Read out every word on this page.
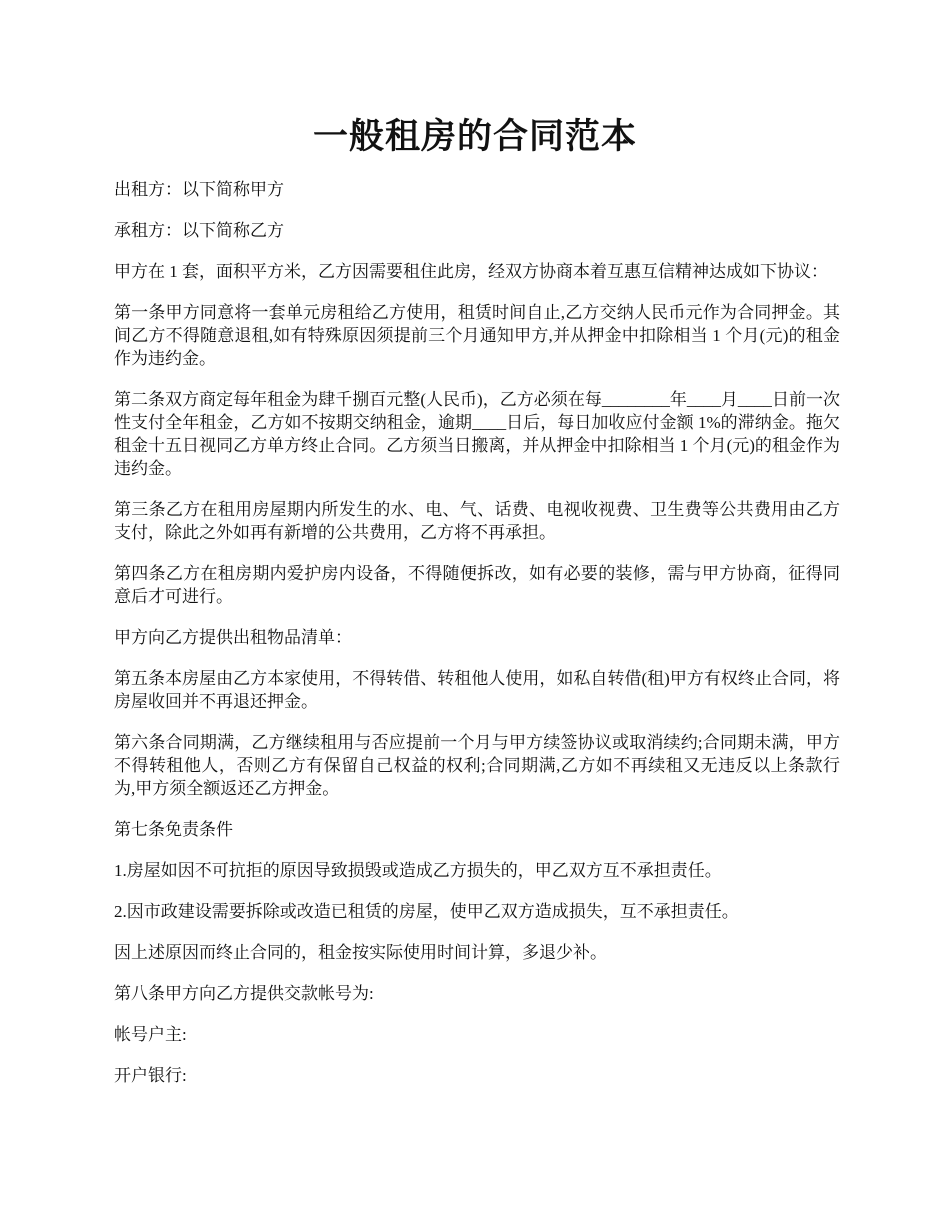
一般租房的合同范本

出租方：以下简称甲方

承租方：以下简称乙方

甲方在 1 套，面积平方米，乙方因需要租住此房，经双方协商本着互惠互信精神达成如下协议：

第一条甲方同意将一套单元房租给乙方使用，租赁时间自止,乙方交纳人民币元作为合同押金。其间乙方不得随意退租,如有特殊原因须提前三个月通知甲方,并从押金中扣除相当 1 个月(元)的租金作为违约金。

第二条双方商定每年租金为肆千捌百元整(人民币)，乙方必须在每________年____月____日前一次性支付全年租金，乙方如不按期交纳租金，逾期____日后，每日加收应付金额 1%的滞纳金。拖欠租金十五日视同乙方单方终止合同。乙方须当日搬离，并从押金中扣除相当 1 个月(元)的租金作为违约金。

第三条乙方在租用房屋期内所发生的水、电、气、话费、电视收视费、卫生费等公共费用由乙方支付，除此之外如再有新增的公共费用，乙方将不再承担。

第四条乙方在租房期内爱护房内设备，不得随便拆改，如有必要的装修，需与甲方协商，征得同意后才可进行。

甲方向乙方提供出租物品清单：

第五条本房屋由乙方本家使用，不得转借、转租他人使用，如私自转借(租)甲方有权终止合同，将房屋收回并不再退还押金。

第六条合同期满，乙方继续租用与否应提前一个月与甲方续签协议或取消续约;合同期未满，甲方不得转租他人，否则乙方有保留自己权益的权利;合同期满,乙方如不再续租又无违反以上条款行为,甲方须全额返还乙方押金。

第七条免责条件

1.房屋如因不可抗拒的原因导致损毁或造成乙方损失的，甲乙双方互不承担责任。

2.因市政建设需要拆除或改造已租赁的房屋，使甲乙双方造成损失，互不承担责任。

因上述原因而终止合同的，租金按实际使用时间计算，多退少补。

第八条甲方向乙方提供交款帐号为:

帐号户主:

开户银行:
